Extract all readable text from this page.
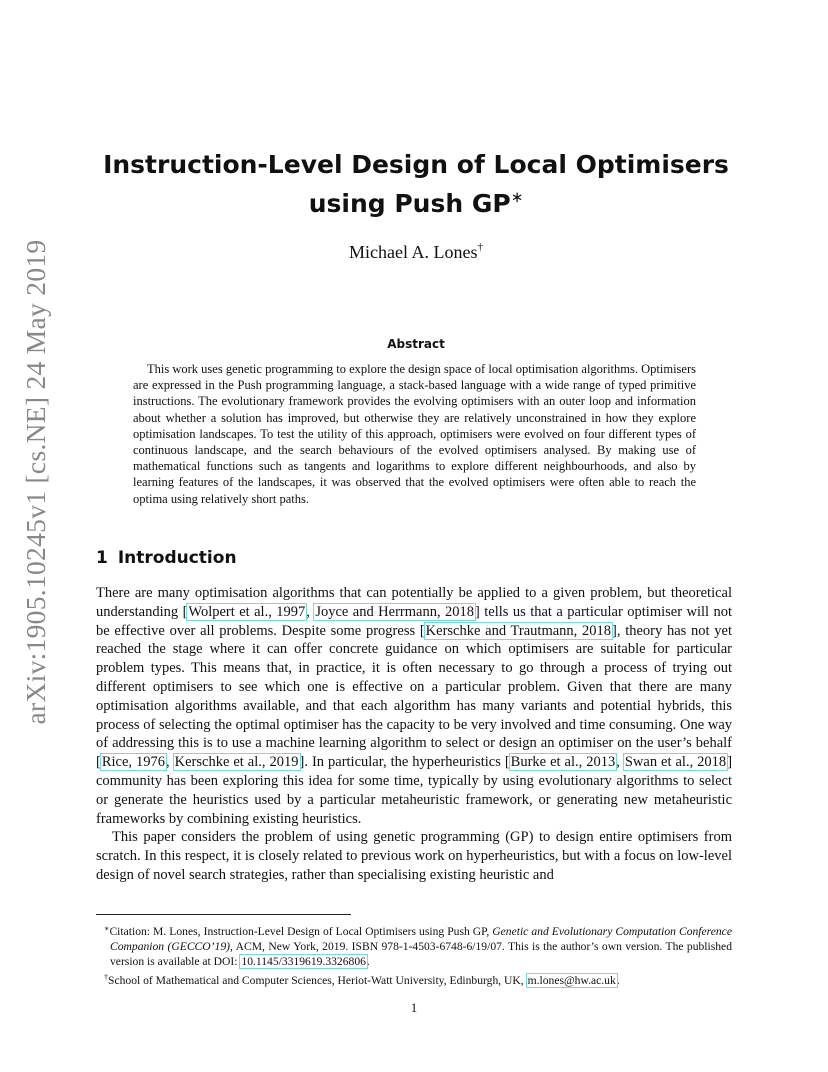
arXiv:1905.10245v1 [cs.NE] 24 May 2019
Instruction-Level Design of Local Optimisers
using Push GP∗
Michael A. Lones†
Abstract

This work uses genetic programming to explore the design space of local optimisation algorithms. Optimisers are expressed in the Push programming language, a stack-based language with a wide range of typed primitive instructions. The evolutionary framework provides the evolving optimisers with an outer loop and information about whether a solution has improved, but otherwise they are relatively unconstrained in how they explore optimisation landscapes. To test the utility of this approach, optimisers were evolved on four different types of continuous landscape, and the search behaviours of the evolved optimisers analysed. By making use of mathematical functions such as tangents and logarithms to explore different neighbourhoods, and also by learning features of the landscapes, it was observed that the evolved optimisers were often able to reach the optima using relatively short paths.

1 Introduction

There are many optimisation algorithms that can potentially be applied to a given problem, but theoretical understanding [Wolpert et al., 1997, Joyce and Herrmann, 2018] tells us that a particular optimiser will not be effective over all problems. Despite some progress [Kerschke and Trautmann, 2018], theory has not yet reached the stage where it can offer concrete guidance on which optimisers are suitable for particular problem types. This means that, in practice, it is often necessary to go through a process of trying out different optimisers to see which one is effective on a particular problem. Given that there are many optimisation algorithms available, and that each algorithm has many variants and potential hybrids, this process of selecting the optimal optimiser has the capacity to be very involved and time consuming. One way of addressing this is to use a machine learning algorithm to select or design an optimiser on the user’s behalf [Rice, 1976, Kerschke et al., 2019]. In particular, the hyperheuristics [Burke et al., 2013, Swan et al., 2018] community has been exploring this idea for some time, typically by using evolutionary algorithms to select or generate the heuristics used by a particular metaheuristic framework, or generating new metaheuristic frameworks by combining existing heuristics.

This paper considers the problem of using genetic programming (GP) to design entire optimisers from scratch. In this respect, it is closely related to previous work on hyperheuristics, but with a focus on low-level design of novel search strategies, rather than specialising existing heuristic and

∗Citation: M. Lones, Instruction-Level Design of Local Optimisers using Push GP, Genetic and Evolutionary Computation Conference Companion (GECCO’19), ACM, New York, 2019. ISBN 978-1-4503-6748-6/19/07. This is the author’s own version. The published version is available at DOI: 10.1145/3319619.3326806.

†School of Mathematical and Computer Sciences, Heriot-Watt University, Edinburgh, UK, m.lones@hw.ac.uk.

1
